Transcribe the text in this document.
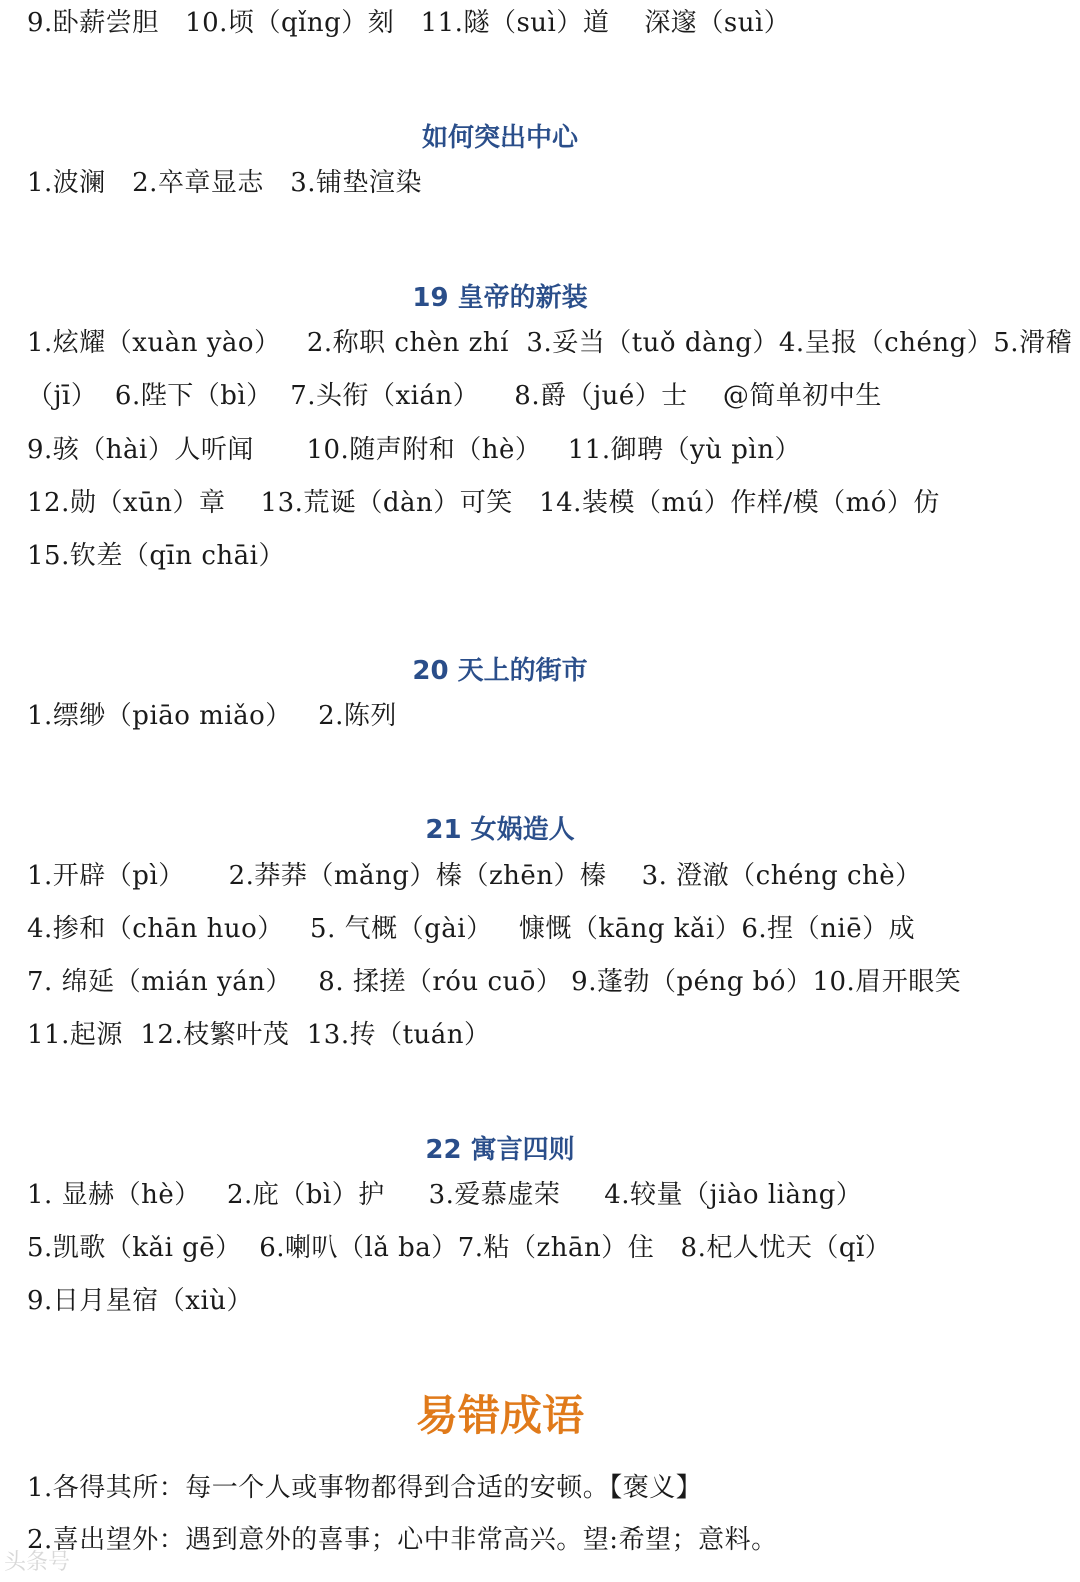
9.卧薪尝胆   10.顷（qǐng）刻   11.隧（suì）道    深邃（suì）
如何突出中心
1.波澜   2.卒章显志   3.铺垫渲染
19 皇帝的新装
1.炫耀（xuàn yào）   2.称职 chèn zhí  3.妥当（tuǒ dàng）4.呈报（chéng）5.滑稽
（jī）  6.陛下（bì）  7.头衔（xián）    8.爵（jué）士    @简单初中生
9.骇（hài）人听闻      10.随声附和（hè）   11.御聘（yù pìn）
12.勋（xūn）章    13.荒诞（dàn）可笑   14.装模（mú）作样/模（mó）仿
15.钦差（qīn chāi）
20 天上的街市
1.缥缈（piāo miǎo）   2.陈列
21 女娲造人
1.开辟（pì）     2.莽莽（mǎng）榛（zhēn）榛    3. 澄澈（chéng chè）
4.掺和（chān huo）   5. 气概（gài）   慷慨（kāng kǎi）6.捏（niē）成
7. 绵延（mián yán）   8. 揉搓（róu cuō） 9.蓬勃（péng bó）10.眉开眼笑
11.起源  12.枝繁叶茂  13.抟（tuán）
22 寓言四则
1. 显赫（hè）   2.庇（bì）护     3.爱慕虚荣     4.较量（jiào liàng）
5.凯歌（kǎi gē）  6.喇叭（lǎ ba）7.粘（zhān）住   8.杞人忧天（qǐ）
9.日月星宿（xiù）
易错成语
1.各得其所：每一个人或事物都得到合适的安顿。【褒义】
2.喜出望外：遇到意外的喜事；心中非常高兴。望:希望；意料。
头条号
